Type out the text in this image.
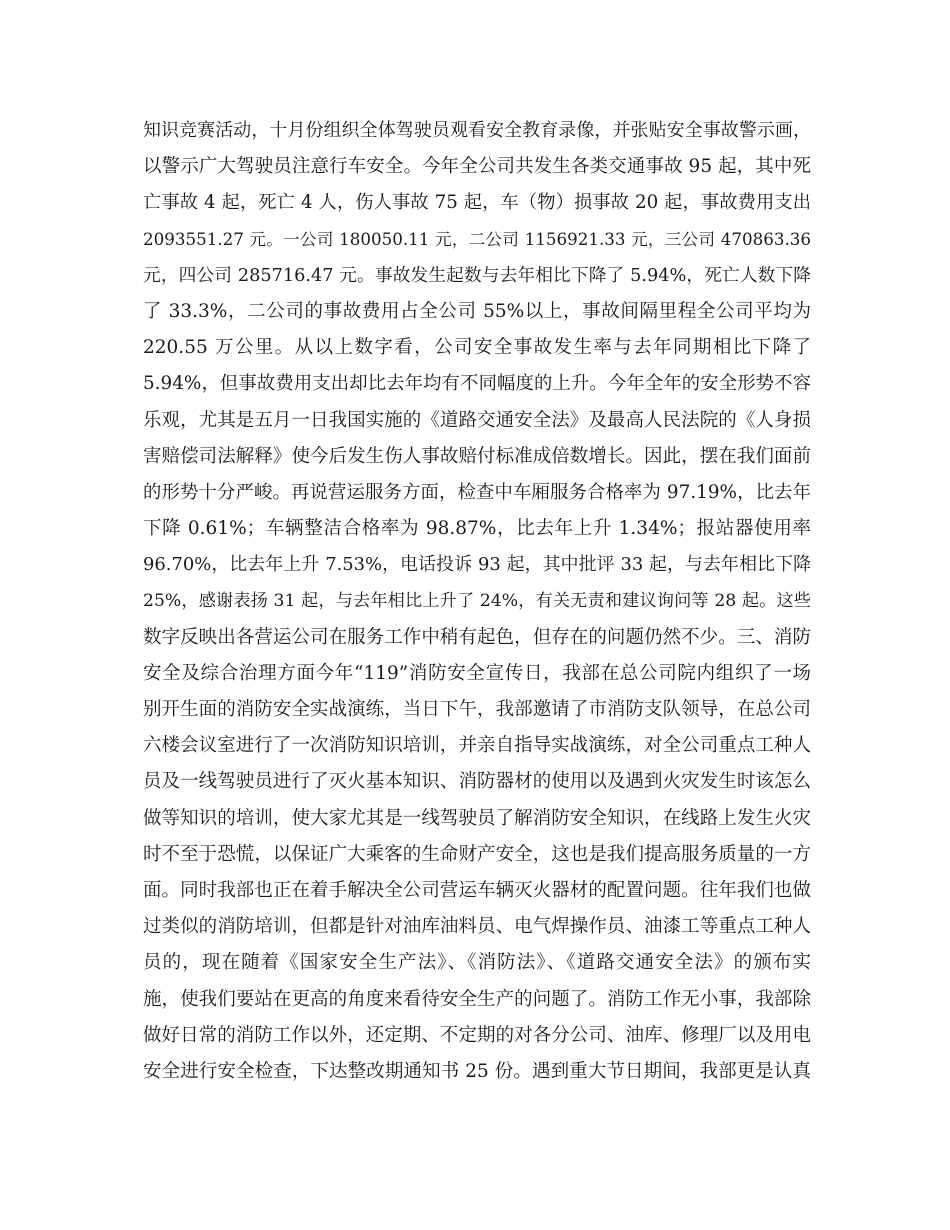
知识竞赛活动，十月份组织全体驾驶员观看安全教育录像，并张贴安全事故警示画，
以警示广大驾驶员注意行车安全。今年全公司共发生各类交通事故 95 起，其中死
亡事故 4 起，死亡 4 人，伤人事故 75 起，车（物）损事故 20 起，事故费用支出
2093551.27 元。一公司 180050.11 元，二公司 1156921.33 元，三公司 470863.36
元，四公司 285716.47 元。事故发生起数与去年相比下降了 5.94%，死亡人数下降
了 33.3%，二公司的事故费用占全公司 55%以上，事故间隔里程全公司平均为
220.55 万公里。从以上数字看，公司安全事故发生率与去年同期相比下降了
5.94%，但事故费用支出却比去年均有不同幅度的上升。今年全年的安全形势不容
乐观，尤其是五月一日我国实施的《道路交通安全法》及最高人民法院的《人身损
害赔偿司法解释》使今后发生伤人事故赔付标准成倍数增长。因此，摆在我们面前
的形势十分严峻。再说营运服务方面，检查中车厢服务合格率为 97.19%，比去年
下降 0.61%；车辆整洁合格率为 98.87%，比去年上升 1.34%；报站器使用率
96.70%，比去年上升 7.53%，电话投诉 93 起，其中批评 33 起，与去年相比下降
25%，感谢表扬 31 起，与去年相比上升了 24%，有关无责和建议询问等 28 起。这些
数字反映出各营运公司在服务工作中稍有起色，但存在的问题仍然不少。三、消防
安全及综合治理方面今年“119”消防安全宣传日，我部在总公司院内组织了一场
别开生面的消防安全实战演练，当日下午，我部邀请了市消防支队领导，在总公司
六楼会议室进行了一次消防知识培训，并亲自指导实战演练，对全公司重点工种人
员及一线驾驶员进行了灭火基本知识、消防器材的使用以及遇到火灾发生时该怎么
做等知识的培训，使大家尤其是一线驾驶员了解消防安全知识，在线路上发生火灾
时不至于恐慌，以保证广大乘客的生命财产安全，这也是我们提高服务质量的一方
面。同时我部也正在着手解决全公司营运车辆灭火器材的配置问题。往年我们也做
过类似的消防培训，但都是针对油库油料员、电气焊操作员、油漆工等重点工种人
员的，现在随着《国家安全生产法》、《消防法》、《道路交通安全法》的颁布实
施，使我们要站在更高的角度来看待安全生产的问题了。消防工作无小事，我部除
做好日常的消防工作以外，还定期、不定期的对各分公司、油库、修理厂以及用电
安全进行安全检查，下达整改期通知书 25 份。遇到重大节日期间，我部更是认真
